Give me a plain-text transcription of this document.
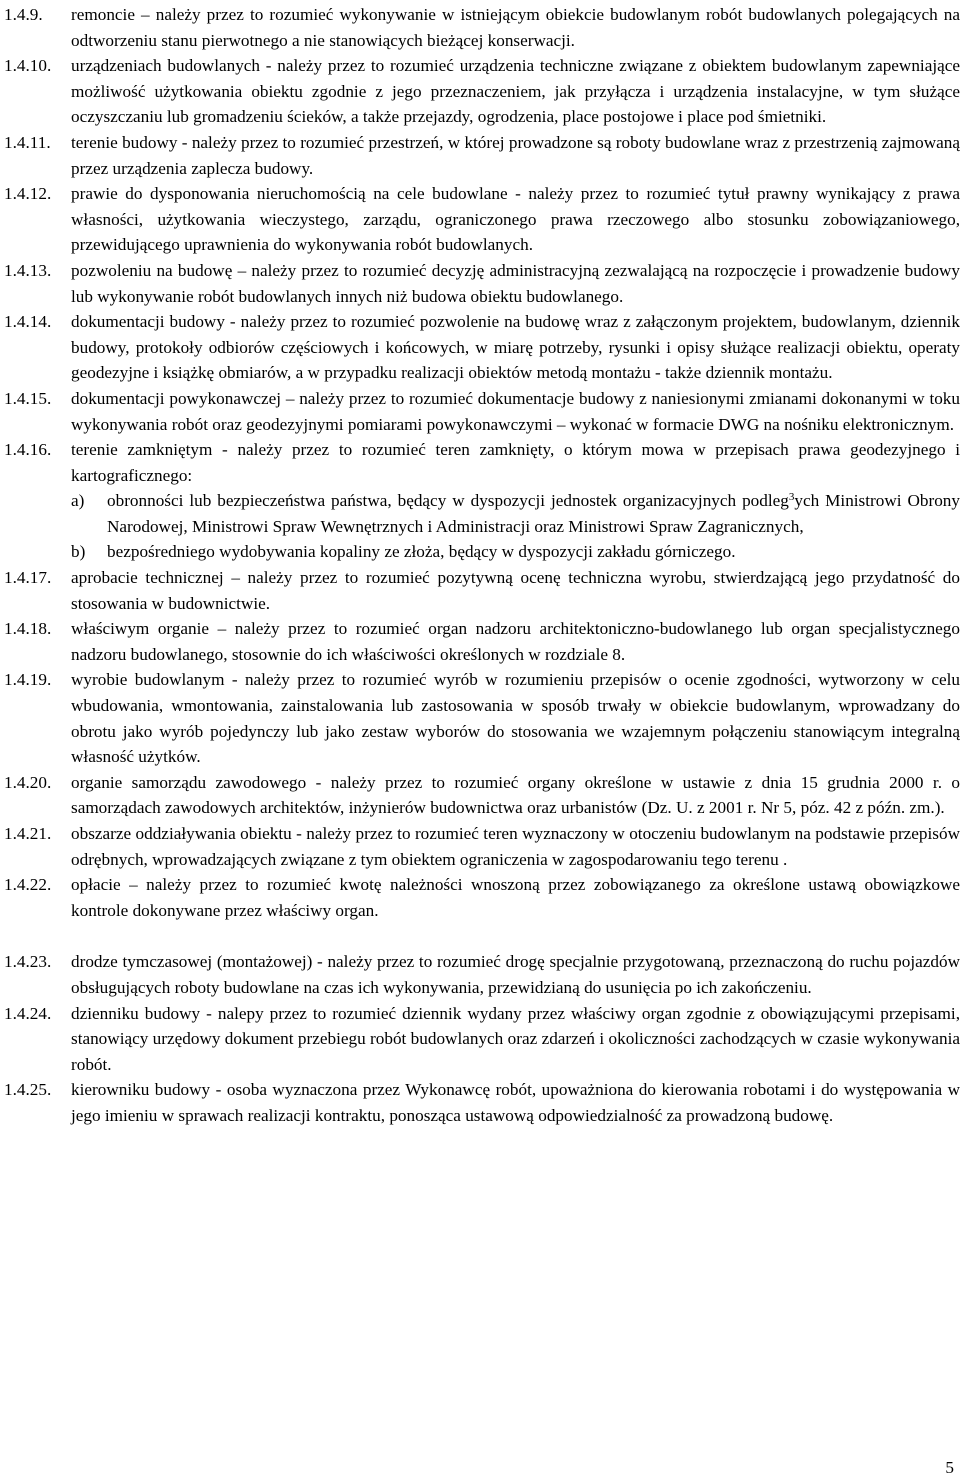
1.4.9.	remoncie – należy przez to rozumieć wykonywanie w istniejącym obiekcie budowlanym robót budowlanych polegających na odtworzeniu stanu pierwotnego a nie stanowiących bieżącej konserwacji.
1.4.10.	urządzeniach budowlanych - należy przez to rozumieć urządzenia techniczne związane z obiektem budowlanym zapewniające możliwość użytkowania obiektu zgodnie z jego przeznaczeniem, jak przyłącza i urządzenia instalacyjne, w tym służące oczyszczaniu lub gromadzeniu ścieków, a także przejazdy, ogrodzenia, place postojowe i place pod śmietniki.
1.4.11.	terenie budowy - należy przez to rozumieć przestrzeń, w której prowadzone są roboty budowlane wraz z przestrzenią zajmowaną przez urządzenia zaplecza budowy.
1.4.12.	prawie do dysponowania nieruchomością na cele budowlane - należy przez to rozumieć tytuł prawny wynikający z prawa własności, użytkowania wieczystego, zarządu, ograniczonego prawa rzeczowego albo stosunku zobowiązaniowego, przewidującego uprawnienia do wykonywania robót budowlanych.
1.4.13.	pozwoleniu na budowę – należy przez to rozumieć decyzję administracyjną zezwalającą na rozpoczęcie i prowadzenie budowy lub wykonywanie robót budowlanych innych niż budowa obiektu budowlanego.
1.4.14.	dokumentacji budowy - należy przez to rozumieć pozwolenie na budowę wraz z załączonym projektem, budowlanym, dziennik budowy, protokoły odbiorów częściowych i końcowych, w miarę potrzeby, rysunki i opisy służące realizacji obiektu, operaty geodezyjne i książkę obmiarów, a w przypadku realizacji obiektów metodą montażu - także dziennik montażu.
1.4.15.	dokumentacji powykonawczej – należy przez to rozumieć dokumentacje budowy z naniesionymi zmianami dokonanymi w toku wykonywania robót oraz geodezyjnymi pomiarami powykonawczymi – wykonać w formacie DWG na nośniku elektronicznym.
1.4.16.	terenie zamkniętym - należy przez to rozumieć teren zamknięty, o którym mowa w przepisach prawa geodezyjnego i kartograficznego:
a)	obronności lub bezpieczeństwa państwa, będący w dyspozycji jednostek organizacyjnych podleg$^3$ych Ministrowi Obrony Narodowej, Ministrowi Spraw Wewnętrznych i Administracji oraz Ministrowi Spraw Zagranicznych,
b)	bezpośredniego wydobywania kopaliny ze złoża, będący w dyspozycji zakładu górniczego.
1.4.17.	aprobacie technicznej – należy przez to rozumieć pozytywną ocenę techniczna wyrobu, stwierdzającą jego przydatność do stosowania w budownictwie.
1.4.18.	właściwym organie – należy przez to rozumieć organ nadzoru architektoniczno-budowlanego lub organ specjalistycznego nadzoru budowlanego, stosownie do ich właściwości określonych w rozdziale 8.
1.4.19.	wyrobie budowlanym - należy przez to rozumieć wyrób w rozumieniu przepisów o ocenie zgodności, wytworzony w celu wbudowania, wmontowania, zainstalowania lub zastosowania w sposób trwały w obiekcie budowlanym, wprowadzany do obrotu jako wyrób pojedynczy lub jako zestaw wyborów do stosowania we wzajemnym połączeniu stanowiącym integralną własność użytków.
1.4.20.	organie samorządu zawodowego - należy przez to rozumieć organy określone w ustawie z dnia 15 grudnia 2000 r. o samorządach zawodowych architektów, inżynierów budownictwa oraz urbanistów (Dz. U. z 2001 r. Nr 5, póz. 42 z późn. zm.).
1.4.21.	obszarze oddziaływania obiektu - należy przez to rozumieć teren wyznaczony w otoczeniu budowlanym na podstawie przepisów odrębnych, wprowadzających związane z tym obiektem ograniczenia w zagospodarowaniu tego terenu .
1.4.22.	opłacie – należy przez to rozumieć kwotę należności wnoszoną przez zobowiązanego za określone ustawą obowiązkowe kontrole dokonywane przez właściwy organ.
1.4.23.	drodze tymczasowej (montażowej) - należy przez to rozumieć drogę specjalnie przygotowaną, przeznaczoną do ruchu pojazdów obsługujących roboty budowlane na czas ich wykonywania, przewidzianą do usunięcia po ich zakończeniu.
1.4.24.	dzienniku budowy - nalepy przez to rozumieć dziennik wydany przez właściwy organ zgodnie z obowiązującymi przepisami, stanowiący urzędowy dokument przebiegu robót budowlanych oraz zdarzeń i okoliczności zachodzących w czasie wykonywania robót.
1.4.25.	kierowniku budowy - osoba wyznaczona przez Wykonawcę robót, upoważniona do kierowania robotami i do występowania w jego imieniu w sprawach realizacji kontraktu, ponosząca ustawową odpowiedzialność za prowadzoną budowę.
5
